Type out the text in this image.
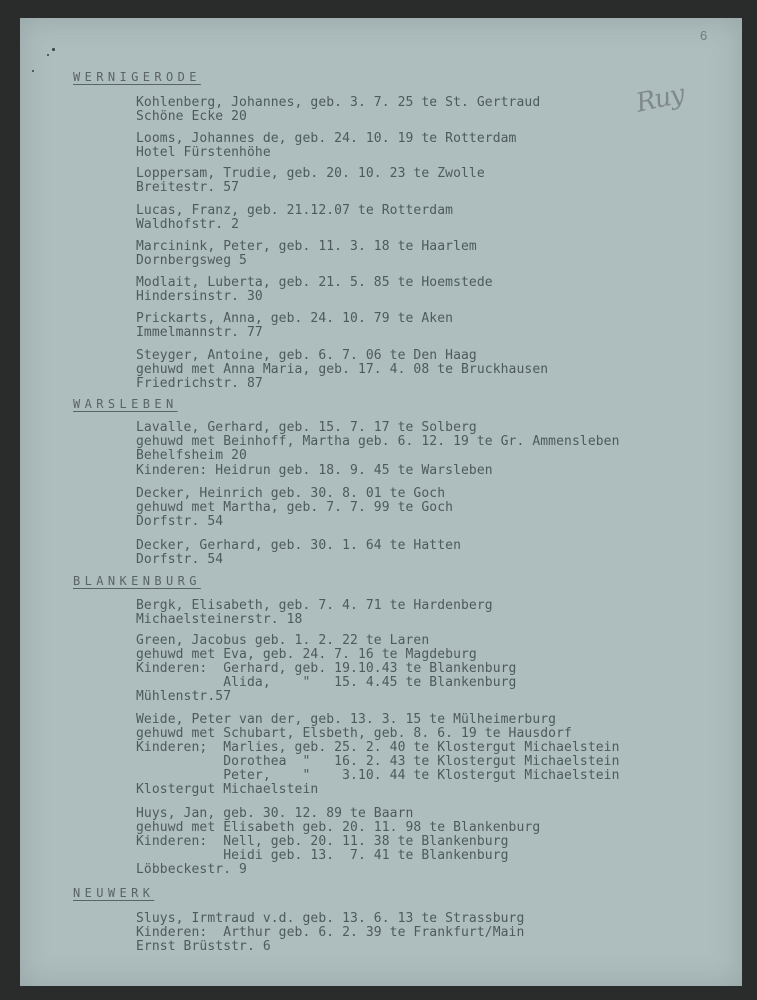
6
Ruy
WERNIGERODE
Kohlenberg, Johannes, geb. 3. 7. 25 te St. Gertraud
Schöne Ecke 20
Looms, Johannes de, geb. 24. 10. 19 te Rotterdam
Hotel Fürstenhöhe
Loppersam, Trudie, geb. 20. 10. 23 te Zwolle
Breitestr. 57
Lucas, Franz, geb. 21.12.07 te Rotterdam
Waldhofstr. 2
Marcinink, Peter, geb. 11. 3. 18 te Haarlem
Dornbergsweg 5
Modlait, Luberta, geb. 21. 5. 85 te Hoemstede
Hindersinstr. 30
Prickarts, Anna, geb. 24. 10. 79 te Aken
Immelmannstr. 77
Steyger, Antoine, geb. 6. 7. 06 te Den Haag
gehuwd met Anna Maria, geb. 17. 4. 08 te Bruckhausen
Friedrichstr. 87
WARSLEBEN
Lavalle, Gerhard, geb. 15. 7. 17 te Solberg
gehuwd met Beinhoff, Martha geb. 6. 12. 19 te Gr. Ammensleben
Behelfsheim 20
Kinderen: Heidrun geb. 18. 9. 45 te Warsleben
Decker, Heinrich geb. 30. 8. 01 te Goch
gehuwd met Martha, geb. 7. 7. 99 te Goch
Dorfstr. 54
Decker, Gerhard, geb. 30. 1. 64 te Hatten
Dorfstr. 54
BLANKENBURG
Bergk, Elisabeth, geb. 7. 4. 71 te Hardenberg
Michaelsteinerstr. 18
Green, Jacobus geb. 1. 2. 22 te Laren
gehuwd met Eva, geb. 24. 7. 16 te Magdeburg
Kinderen:  Gerhard, geb. 19.10.43 te Blankenburg
Alida,    "   15. 4.45 te Blankenburg
Mühlenstr.57
Weide, Peter van der, geb. 13. 3. 15 te Mülheimerburg
gehuwd met Schubart, Elsbeth, geb. 8. 6. 19 te Hausdorf
Kinderen;  Marlies, geb. 25. 2. 40 te Klostergut Michaelstein
Dorothea  "   16. 2. 43 te Klostergut Michaelstein
Peter,    "    3.10. 44 te Klostergut Michaelstein
Klostergut Michaelstein
Huys, Jan, geb. 30. 12. 89 te Baarn
gehuwd met Elisabeth geb. 20. 11. 98 te Blankenburg
Kinderen:  Nell, geb. 20. 11. 38 te Blankenburg
Heidi geb. 13.  7. 41 te Blankenburg
Löbbeckestr. 9
NEUWERK
Sluys, Irmtraud v.d. geb. 13. 6. 13 te Strassburg
Kinderen:  Arthur geb. 6. 2. 39 te Frankfurt/Main
Ernst Brüststr. 6
